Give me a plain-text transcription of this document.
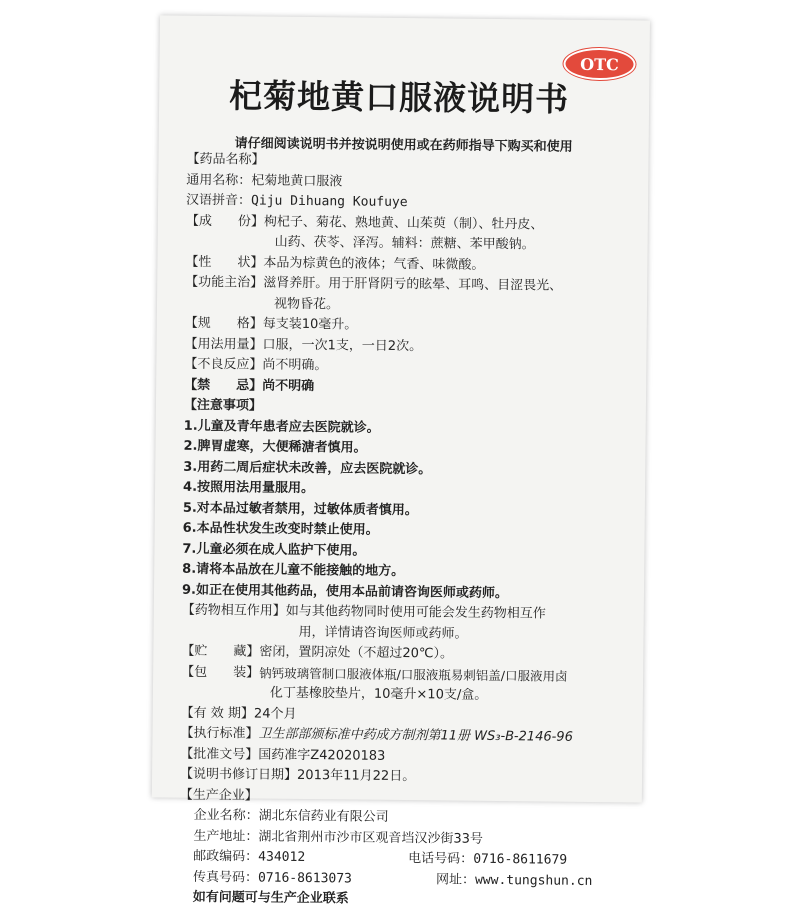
OTC
杞菊地黄口服液说明书
请仔细阅读说明书并按说明使用或在药师指导下购买和使用
【药品名称】
通用名称：杞菊地黄口服液
汉语拼音： Qiju Dihuang Koufuye
【成　　份】 枸杞子、菊花、熟地黄、山茱萸（制）、牡丹皮、
山药、茯苓、泽泻。辅料：蔗糖、苯甲酸钠。
【性　　状】 本品为棕黄色的液体；气香、味微酸。
【功能主治】 滋肾养肝。用于肝肾阴亏的眩晕、耳鸣、目涩畏光、
视物昏花。
【规　　格】 每支装10毫升。
【用法用量】 口服，一次1支，一日2次。
【不良反应】 尚不明确。
【禁　　忌】 尚不明确
【注意事项】
1.儿童及青年患者应去医院就诊。
2.脾胃虚寒，大便稀溏者慎用。
3.用药二周后症状未改善，应去医院就诊。
4.按照用法用量服用。
5.对本品过敏者禁用，过敏体质者慎用。
6.本品性状发生改变时禁止使用。
7.儿童必须在成人监护下使用。
8.请将本品放在儿童不能接触的地方。
9.如正在使用其他药品，使用本品前请咨询医师或药师。
【药物相互作用】 如与其他药物同时使用可能会发生药物相互作
用，详情请咨询医师或药师。
【贮　　藏】 密闭，置阴凉处（不超过20℃）。
【包　　装】 钠钙玻璃管制口服液体瓶/口服液瓶易刺铝盖/口服液用卤
化丁基橡胶垫片，10毫升×10支/盒。
【有 效 期】 24个月
【执行标准】 卫生部部颁标准中药成方制剂第11册 WS₃-B-2146-96
【批准文号】 国药准字Z42020183
【说明书修订日期】 2013年11月22日。
【生产企业】
企业名称： 湖北东信药业有限公司
生产地址： 湖北省荆州市沙市区观音垱汉沙街33号
邮政编码： 434012	电话号码： 0716-8611679
传真号码： 0716-8613073	网址： www.tungshun.cn
如有问题可与生产企业联系
